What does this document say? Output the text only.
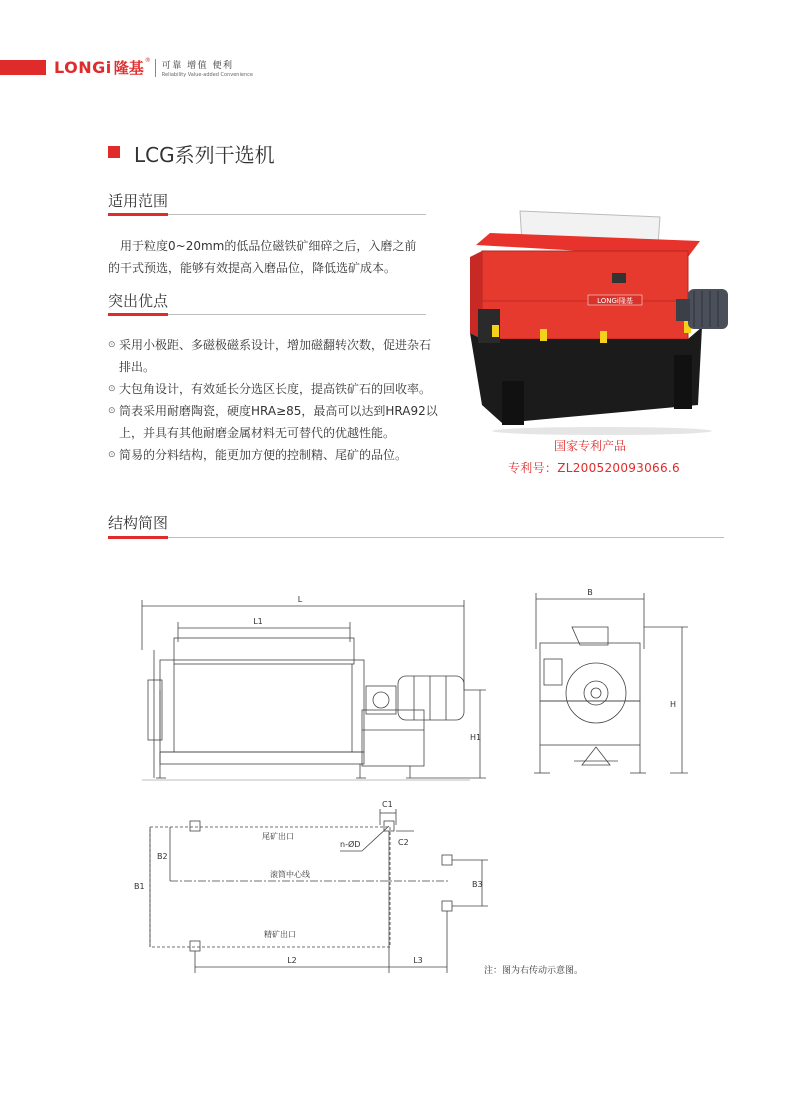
LONGi 隆基 ® 可靠 增值 便利
Reliability Value-added Convenience
LCG系列干选机
适用范围
用于粒度0~20mm的低品位磁铁矿细碎之后，入磨之前的干式预选，能够有效提高入磨品位，降低选矿成本。
突出优点
⊙ 采用小极距、多磁极磁系设计，增加磁翻转次数，促进杂石排出。
⊙ 大包角设计，有效延长分选区长度，提高铁矿石的回收率。
⊙ 筒表采用耐磨陶瓷，硬度HRA≥85，最高可以达到HRA92以上，并具有其他耐磨金属材料无可替代的优越性能。
⊙ 简易的分料结构，能更加方便的控制精、尾矿的品位。
LONGi隆基
国家专利产品
专利号：ZL200520093066.6
结构简图
L
L1
H1
B
H
尾矿出口
滚筒中心线
精矿出口
B1
B2
B3
C1
C2
n-ØD
L2	L3
注：图为右传动示意图。
